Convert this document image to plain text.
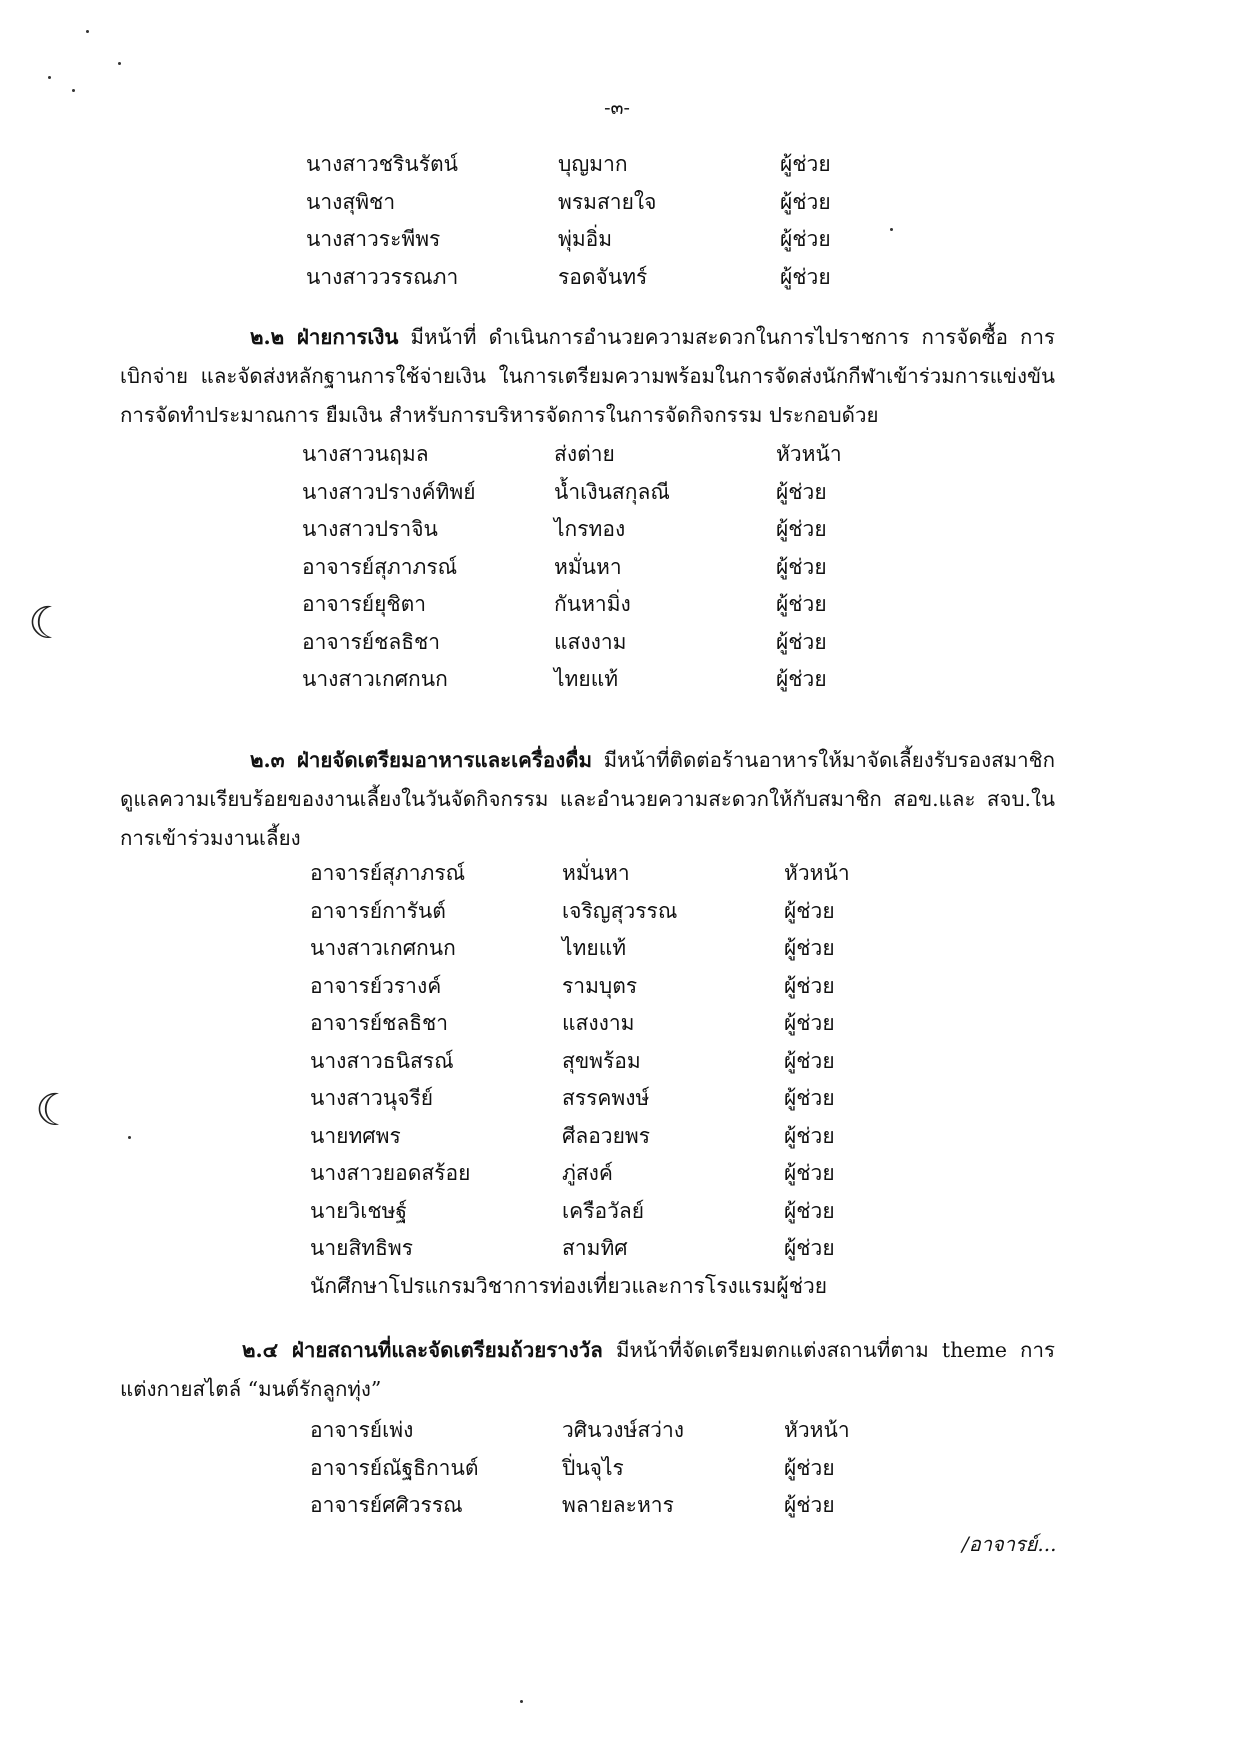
-๓-
นางสาวชรินรัตน์	บุญมาก	ผู้ช่วย
นางสุพิชา	พรมสายใจ	ผู้ช่วย
นางสาวระพีพร	พุ่มอิ่ม	ผู้ช่วย
นางสาววรรณภา	รอดจันทร์	ผู้ช่วย
๒.๒ ฝ่ายการเงิน มีหน้าที่ ดำเนินการอำนวยความสะดวกในการไปราชการ การจัดซื้อ การเบิกจ่าย และจัดส่งหลักฐานการใช้จ่ายเงิน ในการเตรียมความพร้อมในการจัดส่งนักกีฬาเข้าร่วมการแข่งขัน การจัดทำประมาณการ ยืมเงิน สำหรับการบริหารจัดการในการจัดกิจกรรม ประกอบด้วย
นางสาวนฤมล	ส่งต่าย	หัวหน้า
นางสาวปรางค์ทิพย์	น้ำเงินสกุลณี	ผู้ช่วย
นางสาวปราจิน	ไกรทอง	ผู้ช่วย
อาจารย์สุภาภรณ์	หมั่นหา	ผู้ช่วย
อาจารย์ยุชิตา	กันหามิ่ง	ผู้ช่วย
อาจารย์ชลธิชา	แสงงาม	ผู้ช่วย
นางสาวเกศกนก	ไทยแท้	ผู้ช่วย
๒.๓ ฝ่ายจัดเตรียมอาหารและเครื่องดื่ม มีหน้าที่ติดต่อร้านอาหารให้มาจัดเลี้ยงรับรองสมาชิก ดูแลความเรียบร้อยของงานเลี้ยงในวันจัดกิจกรรม และอำนวยความสะดวกให้กับสมาชิก สอข.และ สจบ.ในการเข้าร่วมงานเลี้ยง
อาจารย์สุภาภรณ์	หมั่นหา	หัวหน้า
อาจารย์การันต์	เจริญสุวรรณ	ผู้ช่วย
นางสาวเกศกนก	ไทยแท้	ผู้ช่วย
อาจารย์วรางค์	รามบุตร	ผู้ช่วย
อาจารย์ชลธิชา	แสงงาม	ผู้ช่วย
นางสาวธนิสรณ์	สุขพร้อม	ผู้ช่วย
นางสาวนุจรีย์	สรรคพงษ์	ผู้ช่วย
นายทศพร	ศีลอวยพร	ผู้ช่วย
นางสาวยอดสร้อย	ภู่สงค์	ผู้ช่วย
นายวิเชษฐ์	เครือวัลย์	ผู้ช่วย
นายสิทธิพร	สามทิศ	ผู้ช่วย
นักศึกษาโปรแกรมวิชาการท่องเที่ยวและการโรงแรม	ผู้ช่วย
๒.๔ ฝ่ายสถานที่และจัดเตรียมถ้วยรางวัล มีหน้าที่จัดเตรียมตกแต่งสถานที่ตาม theme การแต่งกายสไตล์ “มนต์รักลูกทุ่ง”
อาจารย์เพ่ง	วศินวงษ์สว่าง	หัวหน้า
อาจารย์ณัฐธิกานต์	ปิ่นจุไร	ผู้ช่วย
อาจารย์ศศิวรรณ	พลายละหาร	ผู้ช่วย
/อาจารย์...
☾
☾
